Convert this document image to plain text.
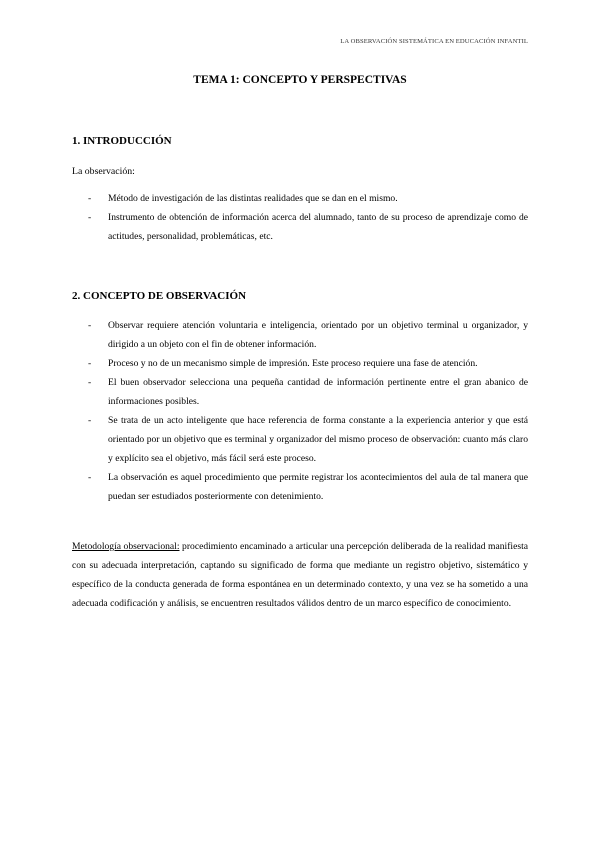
LA OBSERVACIÓN SISTEMÁTICA EN EDUCACIÓN INFANTIL
TEMA 1: CONCEPTO Y PERSPECTIVAS
1. INTRODUCCIÓN
La observación:
- Método de investigación de las distintas realidades que se dan en el mismo.
- Instrumento de obtención de información acerca del alumnado, tanto de su proceso de aprendizaje como de actitudes, personalidad, problemáticas, etc.
2. CONCEPTO DE OBSERVACIÓN
- Observar requiere atención voluntaria e inteligencia, orientado por un objetivo terminal u organizador, y dirigido a un objeto con el fin de obtener información.
- Proceso y no de un mecanismo simple de impresión. Este proceso requiere una fase de atención.
- El buen observador selecciona una pequeña cantidad de información pertinente entre el gran abanico de informaciones posibles.
- Se trata de un acto inteligente que hace referencia de forma constante a la experiencia anterior y que está orientado por un objetivo que es terminal y organizador del mismo proceso de observación: cuanto más claro y explícito sea el objetivo, más fácil será este proceso.
- La observación es aquel procedimiento que permite registrar los acontecimientos del aula de tal manera que puedan ser estudiados posteriormente con detenimiento.
Metodología observacional: procedimiento encaminado a articular una percepción deliberada de la realidad manifiesta con su adecuada interpretación, captando su significado de forma que mediante un registro objetivo, sistemático y específico de la conducta generada de forma espontánea en un determinado contexto, y una vez se ha sometido a una adecuada codificación y análisis, se encuentren resultados válidos dentro de un marco específico de conocimiento.
